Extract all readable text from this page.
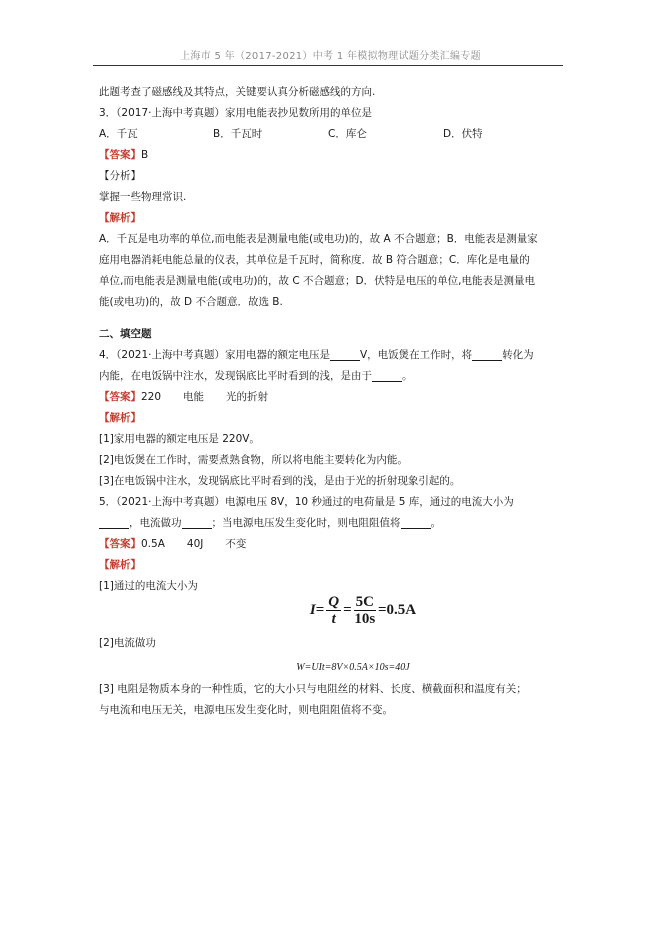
上海市 5 年（2017-2021）中考 1 年模拟物理试题分类汇编专题
此题考查了磁感线及其特点，关键要认真分析磁感线的方向.
3．（2017·上海中考真题）家用电能表抄见数所用的单位是
A．千瓦	B．千瓦时	C．库仑	D．伏特
【答案】B
【分析】
掌握一些物理常识.
【解析】
A．千瓦是电功率的单位,而电能表是测量电能(或电功)的，故 A 不合题意；B．电能表是测量家
庭用电器消耗电能总量的仪表，其单位是千瓦时，简称度．故 B 符合题意；C．库化是电量的
单位,而电能表是测量电能(或电功)的，故 C 不合题意；D．伏特是电压的单位,电能表是测量电
能(或电功)的，故 D 不合题意．故选 B.
二、填空题
4．（2021·上海中考真题）家用电器的额定电压是	V，电饭煲在工作时，将	转化为
内能，在电饭锅中注水，发现锅底比平时看到的浅，是由于	。
【答案】220 电能 光的折射
【解析】
[1]家用电器的额定电压是 220V。
[2]电饭煲在工作时，需要煮熟食物，所以将电能主要转化为内能。
[3]在电饭锅中注水，发现锅底比平时看到的浅，是由于光的折射现象引起的。
5．（2021·上海中考真题）电源电压 8V，10 秒通过的电荷量是 5 库，通过的电流大小为
，电流做功	；当电源电压发生变化时，则电阻阻值将	。
【答案】0.5A 40J 不变
【解析】
[1]通过的电流大小为
$I= \frac{Q}{t} = \frac{5C}{10s} =0.5A$
[2]电流做功
W=UIt=8V×0.5A×10s=40J
[3] 电阻是物质本身的一种性质，它的大小只与电阻丝的材料、长度、横截面积和温度有关；
与电流和电压无关，电源电压发生变化时，则电阻阻值将不变。
